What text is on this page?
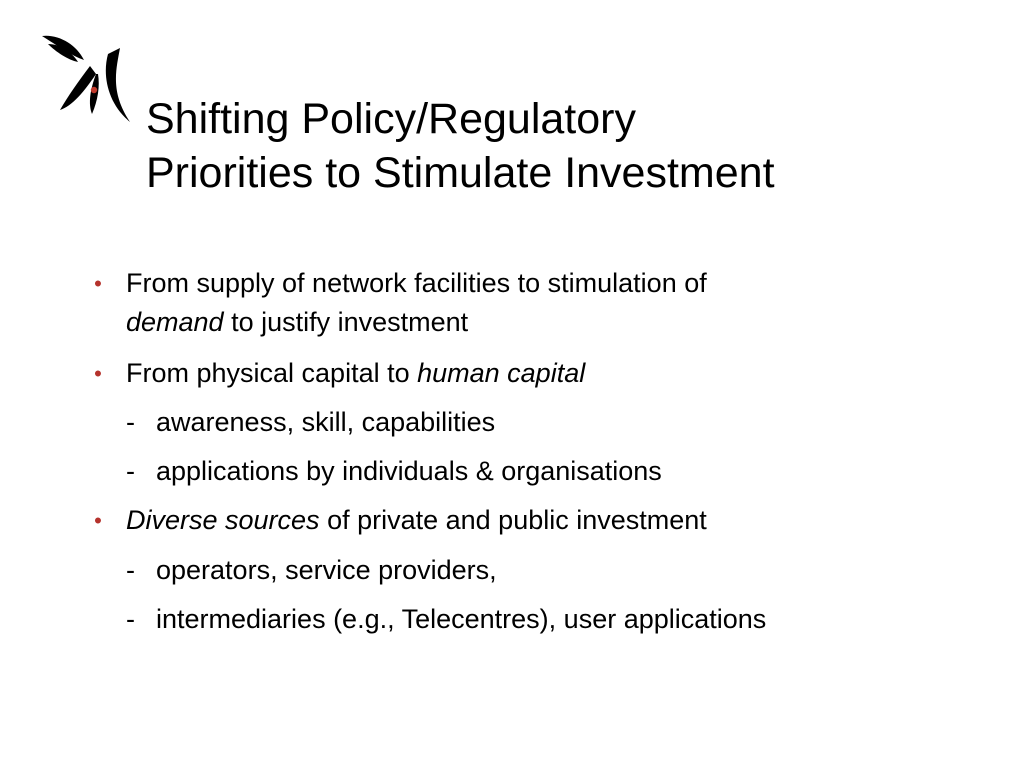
Shifting Policy/Regulatory
Priorities to Stimulate Investment
• From supply of network facilities to stimulation of
demand to justify investment
• From physical capital to human capital
- awareness, skill, capabilities
- applications by individuals & organisations
• Diverse sources of private and public investment
- operators, service providers,
- intermediaries (e.g., Telecentres), user applications
